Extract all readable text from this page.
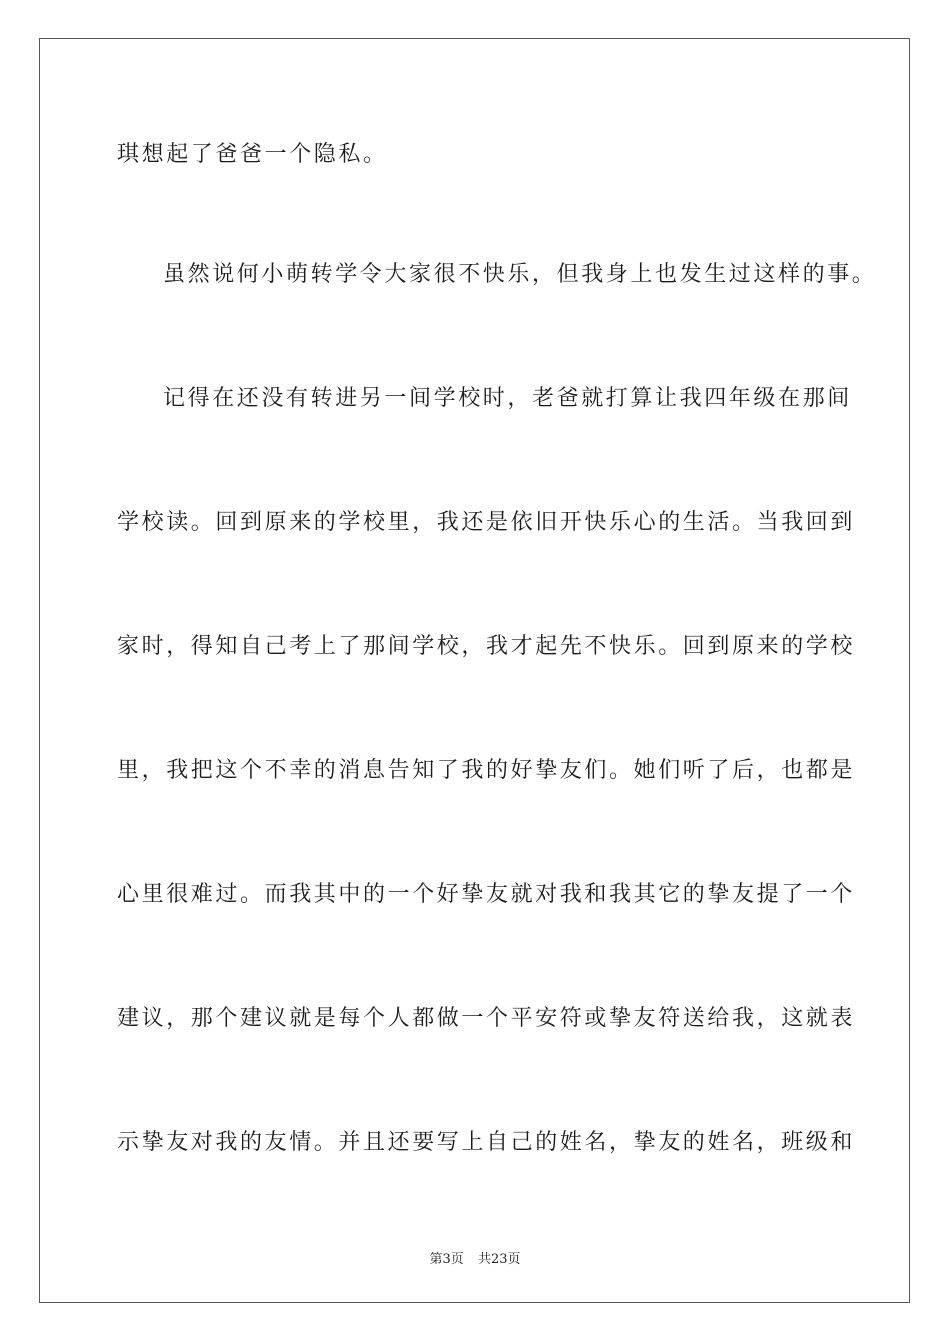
琪想起了爸爸一个隐私。
虽然说何小萌转学令大家很不快乐，但我身上也发生过这样的事。
记得在还没有转进另一间学校时，老爸就打算让我四年级在那间
学校读。回到原来的学校里，我还是依旧开快乐心的生活。当我回到
家时，得知自己考上了那间学校，我才起先不快乐。回到原来的学校
里，我把这个不幸的消息告知了我的好挚友们。她们听了后，也都是
心里很难过。而我其中的一个好挚友就对我和我其它的挚友提了一个
建议，那个建议就是每个人都做一个平安符或挚友符送给我，这就表
示挚友对我的友情。并且还要写上自己的姓名，挚友的姓名，班级和
第3页 共23页
